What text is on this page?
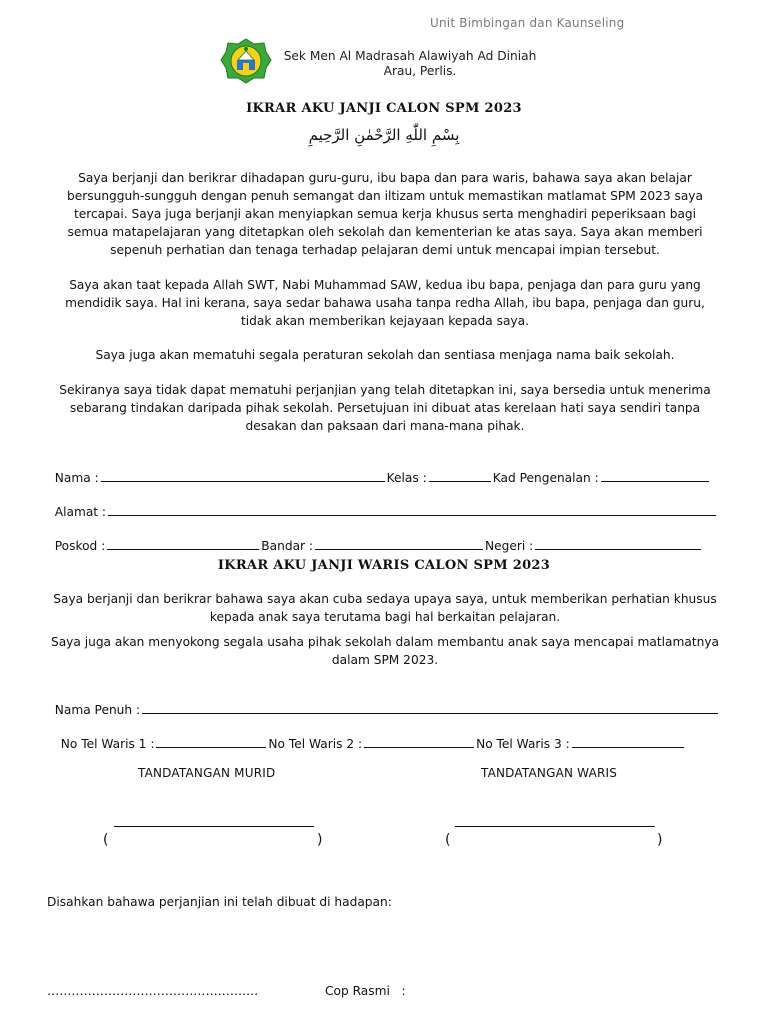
Unit Bimbingan dan Kaunseling
Sek Men Al Madrasah Alawiyah Ad Diniah
Arau, Perlis.
IKRAR AKU JANJI CALON SPM 2023
بِسْمِ اللّٰهِ الرَّحْمٰنِ الرَّحِيمِ
Saya berjanji dan berikrar dihadapan guru-guru, ibu bapa dan para waris, bahawa saya akan belajar
bersungguh-sungguh dengan penuh semangat dan iltizam untuk memastikan matlamat SPM 2023 saya
tercapai. Saya juga berjanji akan menyiapkan semua kerja khusus serta menghadiri peperiksaan bagi
semua matapelajaran yang ditetapkan oleh sekolah dan kementerian ke atas saya. Saya akan memberi
sepenuh perhatian dan tenaga terhadap pelajaran demi untuk mencapai impian tersebut.
Saya akan taat kepada Allah SWT, Nabi Muhammad SAW, kedua ibu bapa, penjaga dan para guru yang
mendidik saya. Hal ini kerana, saya sedar bahawa usaha tanpa redha Allah, ibu bapa, penjaga dan guru,
tidak akan memberikan kejayaan kepada saya.
Saya juga akan mematuhi segala peraturan sekolah dan sentiasa menjaga nama baik sekolah.
Sekiranya saya tidak dapat mematuhi perjanjian yang telah ditetapkan ini, saya bersedia untuk menerima
sebarang tindakan daripada pihak sekolah. Persetujuan ini dibuat atas kerelaan hati saya sendiri tanpa
desakan dan paksaan dari mana-mana pihak.

Nama :	Kelas :	Kad Pengenalan :

Alamat :

Poskod :	Bandar :	Negeri :

IKRAR AKU JANJI WARIS CALON SPM 2023
Saya berjanji dan berikrar bahawa saya akan cuba sedaya upaya saya, untuk memberikan perhatian khusus
kepada anak saya terutama bagi hal berkaitan pelajaran.
Saya juga akan menyokong segala usaha pihak sekolah dalam membantu anak saya mencapai matlamatnya
dalam SPM 2023.

Nama Penuh :

No Tel Waris 1 :	No Tel Waris 2 :	No Tel Waris 3 :

TANDATANGAN MURID	TANDATANGAN WARIS
(	)	(	)
Disahkan bahawa perjanjian ini telah dibuat di hadapan:
…………………………………………….	Cop Rasmi   :
